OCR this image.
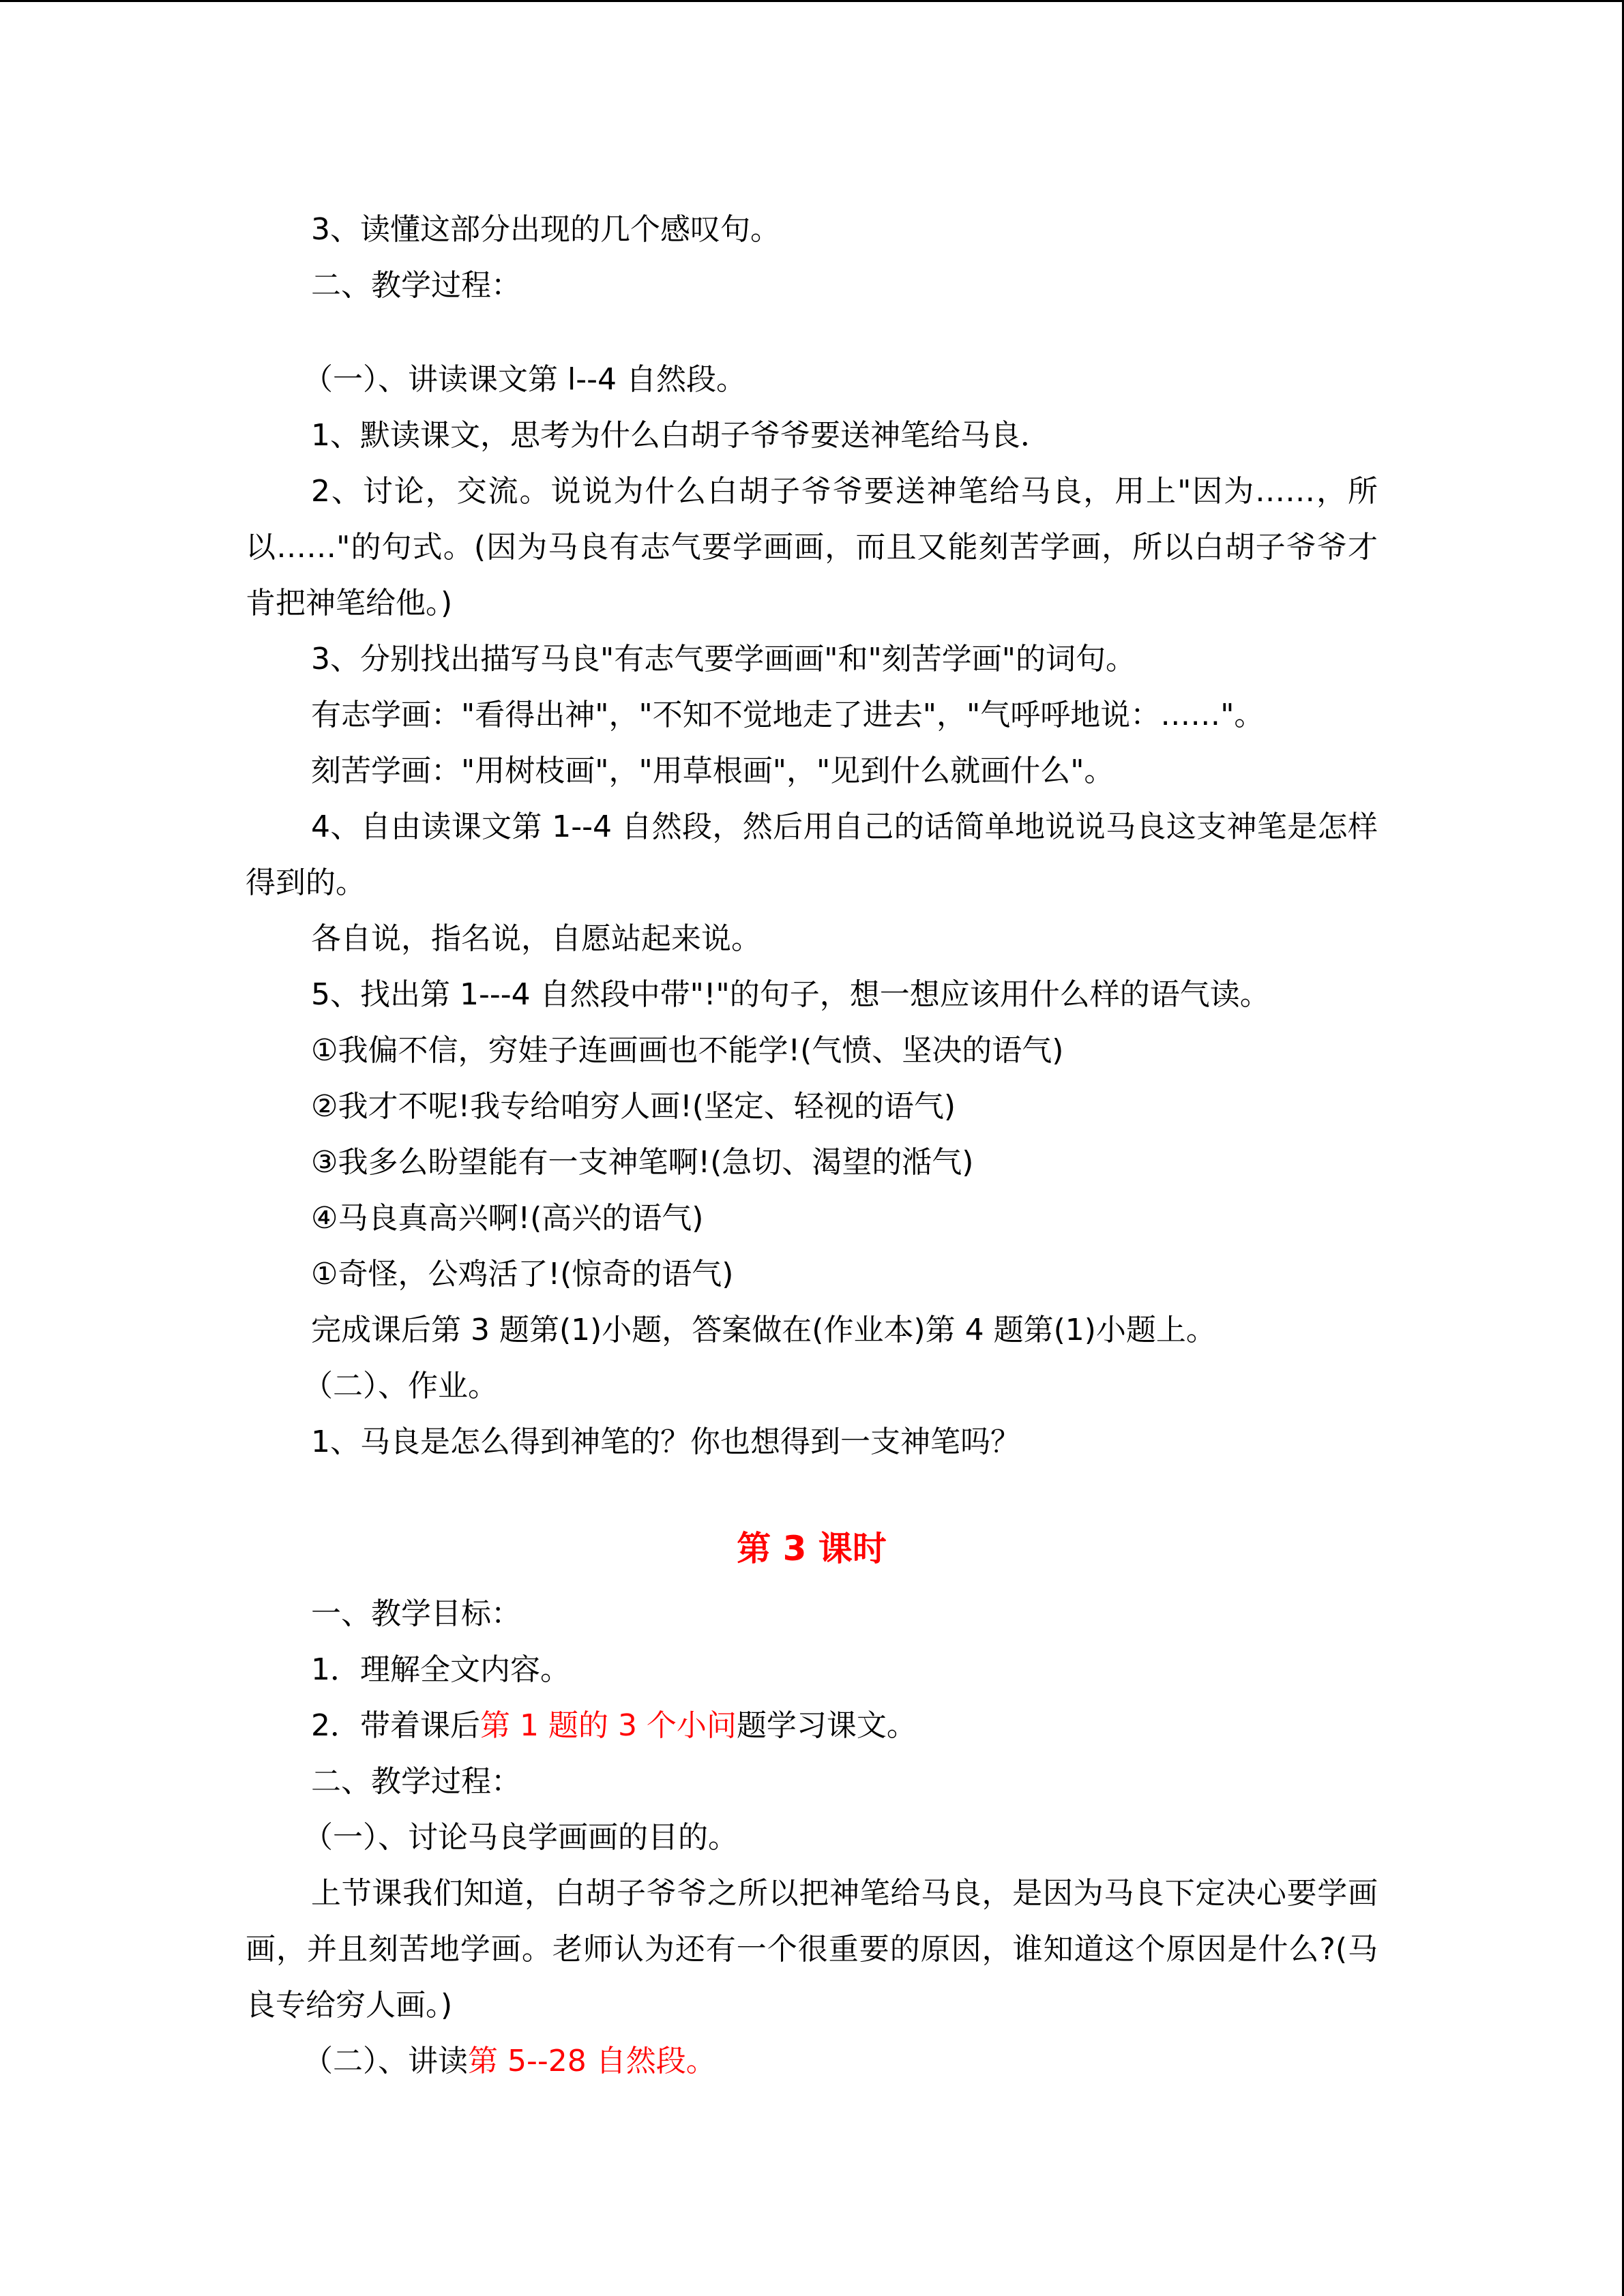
3、读懂这部分出现的几个感叹句。
二、教学过程：
（一）、讲读课文第 l--4 自然段。
1、默读课文，思考为什么白胡子爷爷要送神笔给马良．
2、讨论，交流。说说为什么白胡子爷爷要送神笔给马良，用上"因为……，所以……"的句式。(因为马良有志气要学画画，而且又能刻苦学画，所以白胡子爷爷才肯把神笔给他。)
3、分别找出描写马良"有志气要学画画"和"刻苦学画"的词句。
有志学画："看得出神"，"不知不觉地走了进去"，"气呼呼地说：……"。
刻苦学画："用树枝画"，"用草根画"，"见到什么就画什么"。
4、自由读课文第 1--4 自然段，然后用自己的话简单地说说马良这支神笔是怎样得到的。
各自说，指名说，自愿站起来说。
5、找出第 1---4 自然段中带"!"的句子，想一想应该用什么样的语气读。
①我偏不信，穷娃子连画画也不能学!(气愤、坚决的语气)
②我才不呢!我专给咱穷人画!(坚定、轻视的语气)
③我多么盼望能有一支神笔啊!(急切、渴望的湉气)
④马良真高兴啊!(高兴的语气)
①奇怪，公鸡活了!(惊奇的语气)
完成课后第 3 题第(1)小题，答案做在(作业本)第 4 题第(1)小题上。
（二）、作业。
1、马良是怎么得到神笔的？你也想得到一支神笔吗？
第 3 课时
一、教学目标：
1．理解全文内容。
2．带着课后第 1 题的 3 个小问题学习课文。
二、教学过程：
（一）、讨论马良学画画的目的。
上节课我们知道，白胡子爷爷之所以把神笔给马良，是因为马良下定决心要学画画，并且刻苦地学画。老师认为还有一个很重要的原因，谁知道这个原因是什么?(马良专给穷人画。)
（二）、讲读第 5--28 自然段。
